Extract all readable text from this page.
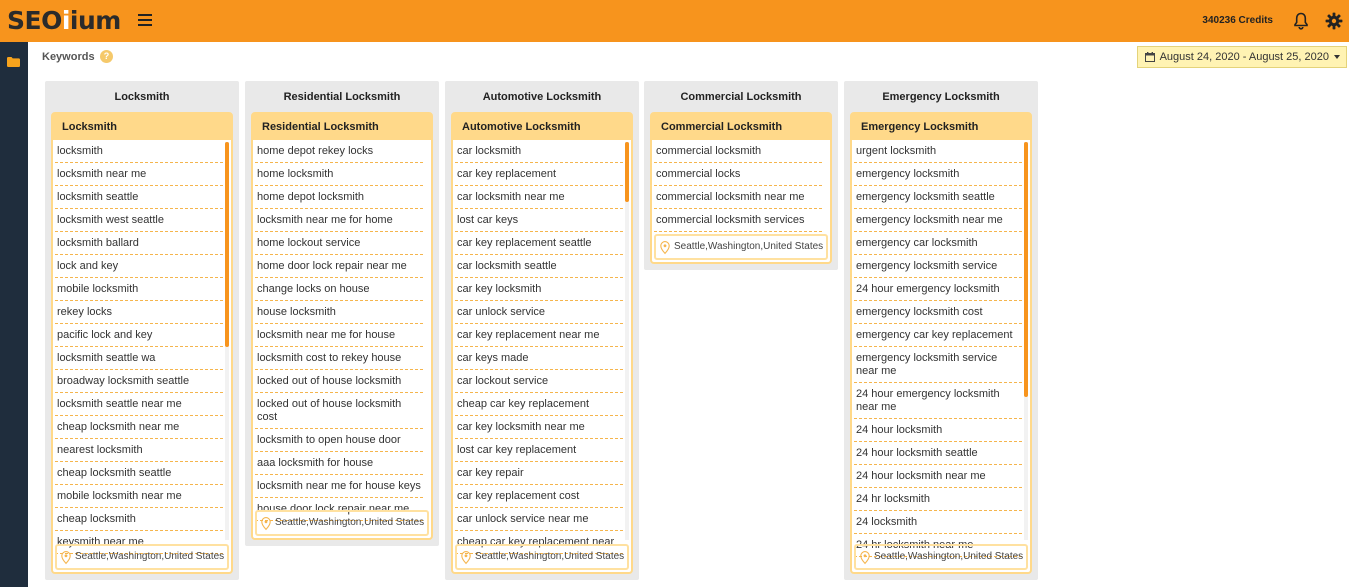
SEOiium	340236 Credits
Keywords	?	August 24, 2020 - August 25, 2020
Locksmith
Locksmith
locksmith
locksmith near me
locksmith seattle
locksmith west seattle
locksmith ballard
lock and key
mobile locksmith
rekey locks
pacific lock and key
locksmith seattle wa
broadway locksmith seattle
locksmith seattle near me
cheap locksmith near me
nearest locksmith
cheap locksmith seattle
mobile locksmith near me
cheap locksmith
keysmith near me
Seattle,Washington,United States
Residential Locksmith
Residential Locksmith
home depot rekey locks
home locksmith
home depot locksmith
locksmith near me for home
home lockout service
home door lock repair near me
change locks on house
house locksmith
locksmith near me for house
locksmith cost to rekey house
locked out of house locksmith
locked out of house locksmith cost
locksmith to open house door
aaa locksmith for house
locksmith near me for house keys
house door lock repair near me
Seattle,Washington,United States
Automotive Locksmith
Automotive Locksmith
car locksmith
car key replacement
car locksmith near me
lost car keys
car key replacement seattle
car locksmith seattle
car key locksmith
car unlock service
car key replacement near me
car keys made
car lockout service
cheap car key replacement
car key locksmith near me
lost car key replacement
car key repair
car key replacement cost
car unlock service near me
cheap car key replacement near
Seattle,Washington,United States
Commercial Locksmith
Commercial Locksmith
commercial locksmith
commercial locks
commercial locksmith near me
commercial locksmith services
Seattle,Washington,United States
Emergency Locksmith
Emergency Locksmith
urgent locksmith
emergency locksmith
emergency locksmith seattle
emergency locksmith near me
emergency car locksmith
emergency locksmith service
24 hour emergency locksmith
emergency locksmith cost
emergency car key replacement
emergency locksmith service near me
24 hour emergency locksmith near me
24 hour locksmith
24 hour locksmith seattle
24 hour locksmith near me
24 hr locksmith
24 locksmith
24 hr locksmith near me
Seattle,Washington,United States
